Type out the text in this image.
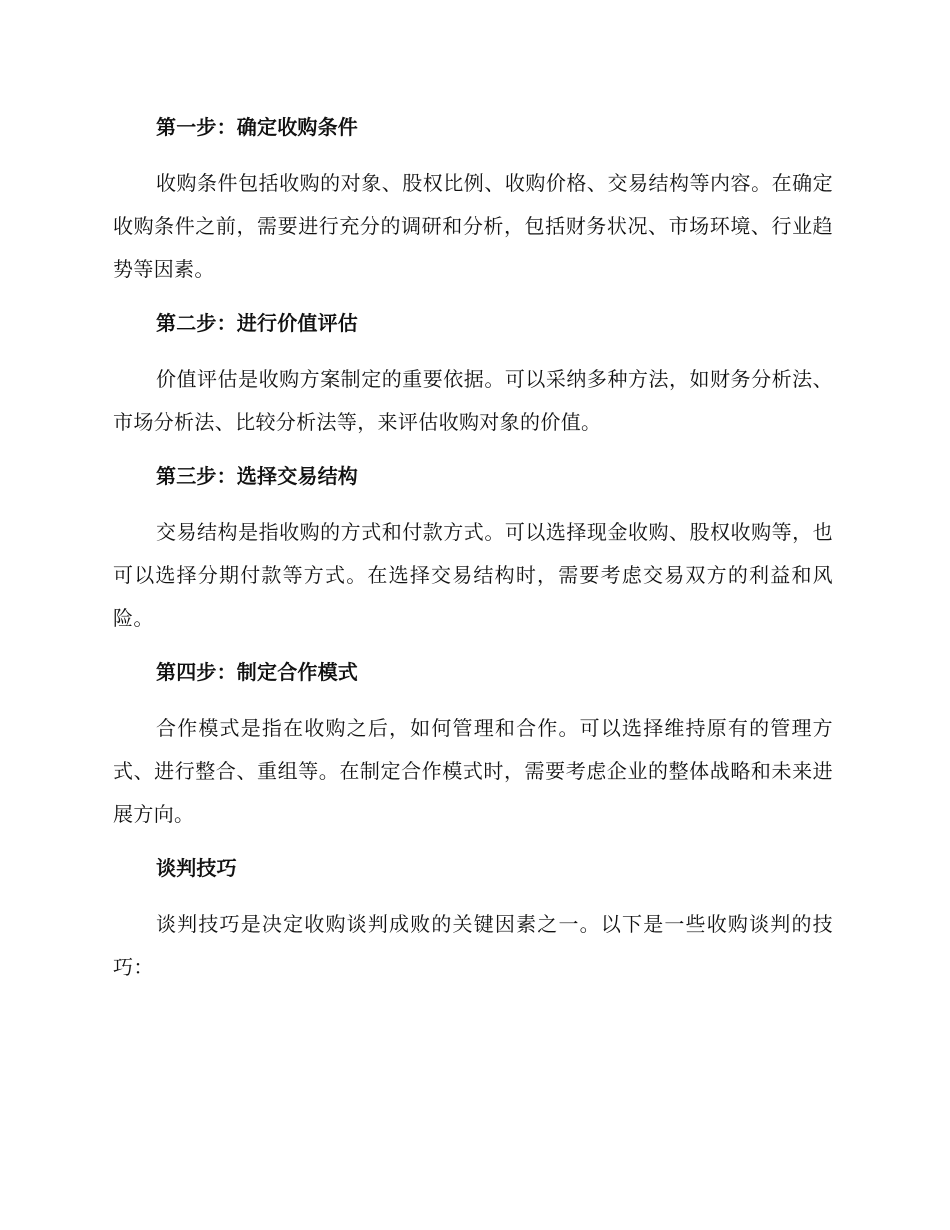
第一步：确定收购条件
收购条件包括收购的对象、股权比例、收购价格、交易结构等内容。在确定收购条件之前，需要进行充分的调研和分析，包括财务状况、市场环境、行业趋势等因素。
第二步：进行价值评估
价值评估是收购方案制定的重要依据。可以采纳多种方法，如财务分析法、市场分析法、比较分析法等，来评估收购对象的价值。
第三步：选择交易结构
交易结构是指收购的方式和付款方式。可以选择现金收购、股权收购等，也可以选择分期付款等方式。在选择交易结构时，需要考虑交易双方的利益和风险。
第四步：制定合作模式
合作模式是指在收购之后，如何管理和合作。可以选择维持原有的管理方式、进行整合、重组等。在制定合作模式时，需要考虑企业的整体战略和未来进展方向。
谈判技巧
谈判技巧是决定收购谈判成败的关键因素之一。以下是一些收购谈判的技巧：
